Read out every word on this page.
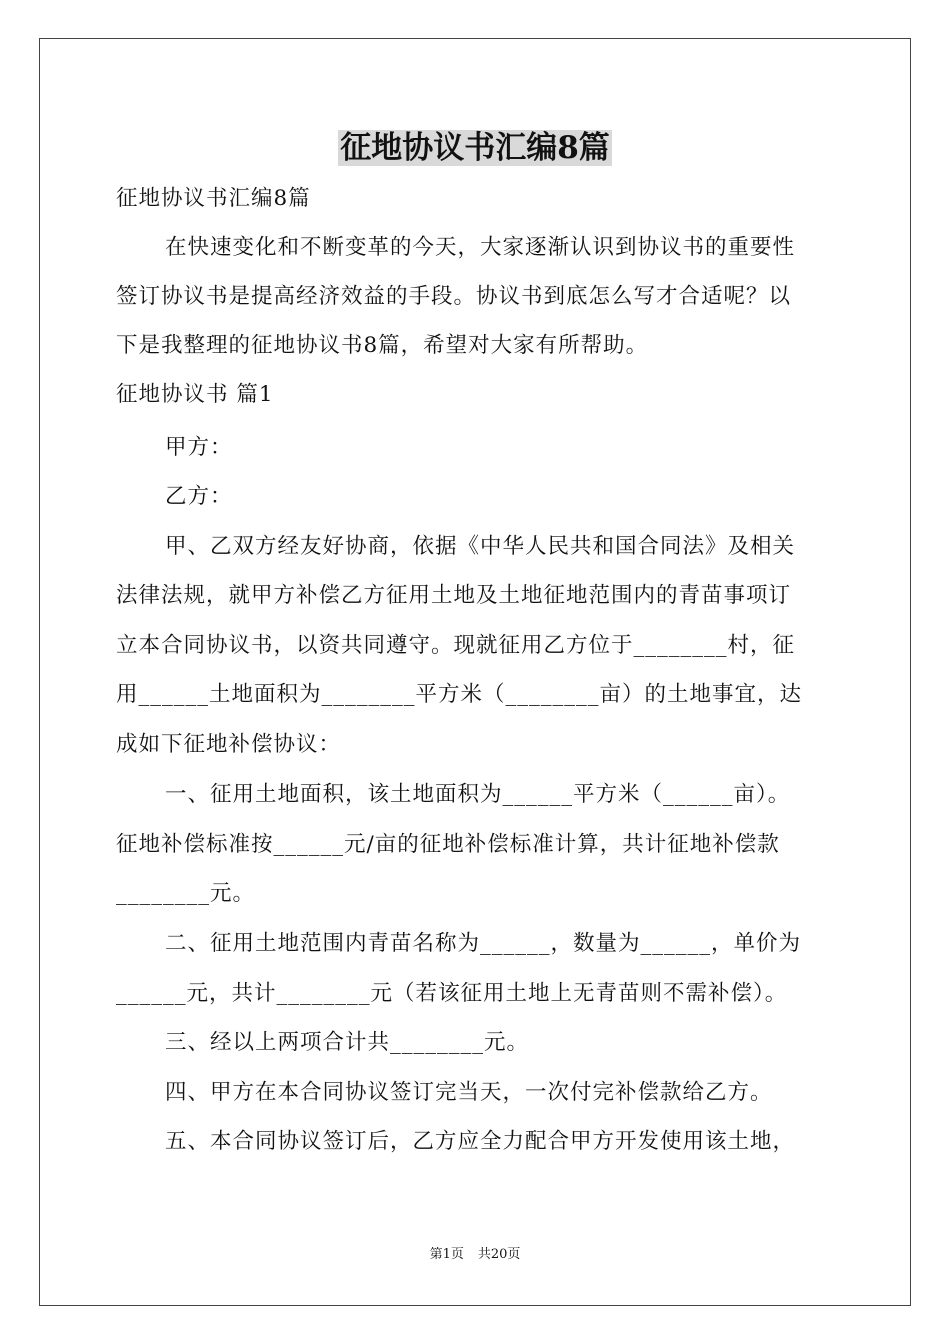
征地协议书汇编8篇
征地协议书汇编8篇
在快速变化和不断变革的今天，大家逐渐认识到协议书的重要性
签订协议书是提高经济效益的手段。协议书到底怎么写才合适呢？以
下是我整理的征地协议书8篇，希望对大家有所帮助。
征地协议书 篇1
甲方：
乙方：
甲、乙双方经友好协商，依据《中华人民共和国合同法》及相关
法律法规，就甲方补偿乙方征用土地及土地征地范围内的青苗事项订
立本合同协议书，以资共同遵守。现就征用乙方位于________村，征
用______土地面积为________平方米（________亩）的土地事宜，达
成如下征地补偿协议：
一、征用土地面积，该土地面积为______平方米（______亩）。
征地补偿标准按______元/亩的征地补偿标准计算，共计征地补偿款
________元。
二、征用土地范围内青苗名称为______，数量为______，单价为
______元，共计________元（若该征用土地上无青苗则不需补偿）。
三、经以上两项合计共________元。
四、甲方在本合同协议签订完当天，一次付完补偿款给乙方。
五、本合同协议签订后，乙方应全力配合甲方开发使用该土地，
第1页 共20页
